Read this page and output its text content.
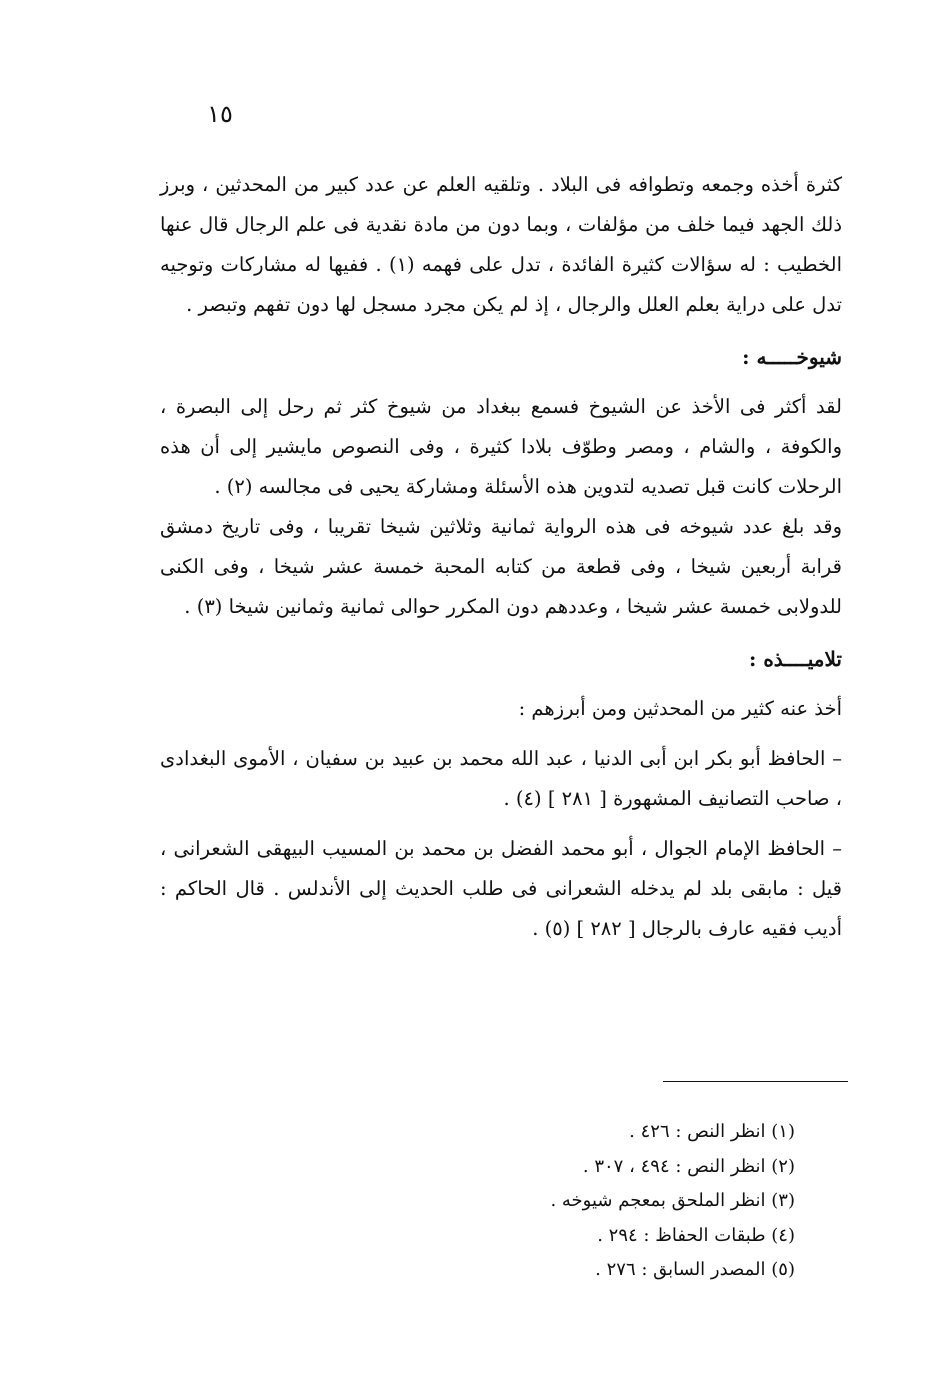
١٥

كثرة أخذه وجمعه وتطوافه فى البلاد . وتلقيه العلم عن عدد كبير من المحدثين ، وبرز ذلك الجهد فيما خلف من مؤلفات ، وبما دون من مادة نقدية فى علم الرجال قال عنها الخطيب : له سؤالات كثيرة الفائدة ، تدل على فهمه (١) . ففيها له مشاركات وتوجيه تدل على دراية بعلم العلل والرجال ، إذ لم يكن مجرد مسجل لها دون تفهم وتبصر .

شيوخـــــه :

لقد أكثر فى الأخذ عن الشيوخ فسمع ببغداد من شيوخ كثر ثم رحل إلى البصرة ، والكوفة ، والشام ، ومصر وطوّف بلادا كثيرة ، وفى النصوص مايشير إلى أن هذه الرحلات كانت قبل تصديه لتدوين هذه الأسئلة ومشاركة يحيى فى مجالسه (٢) .

وقد بلغ عدد شيوخه فى هذه الرواية ثمانية وثلاثين شيخا تقريبا ، وفى تاريخ دمشق قرابة أربعين شيخا ، وفى قطعة من كتابه المحبة خمسة عشر شيخا ، وفى الكنى للدولابى خمسة عشر شيخا ، وعددهم دون المكرر حوالى ثمانية وثمانين شيخا (٣) .

تلاميــــذه :

أخذ عنه كثير من المحدثين ومن أبرزهم :

– الحافظ أبو بكر ابن أبى الدنيا ، عبد الله محمد بن عبيد بن سفيان ، الأموى البغدادى ، صاحب التصانيف المشهورة [ ٢٨١ ] (٤) .

– الحافظ الإمام الجوال ، أبو محمد الفضل بن محمد بن المسيب البيهقى الشعرانى ، قيل : مابقى بلد لم يدخله الشعرانى فى طلب الحديث إلى الأندلس . قال الحاكم : أديب فقيه عارف بالرجال [ ٢٨٢ ] (٥) .

(١) انظر النص : ٤٢٦ .

(٢) انظر النص : ٤٩٤ ، ٣٠٧ .

(٣) انظر الملحق بمعجم شيوخه .

(٤) طبقات الحفاظ : ٢٩٤ .

(٥) المصدر السابق : ٢٧٦ .
